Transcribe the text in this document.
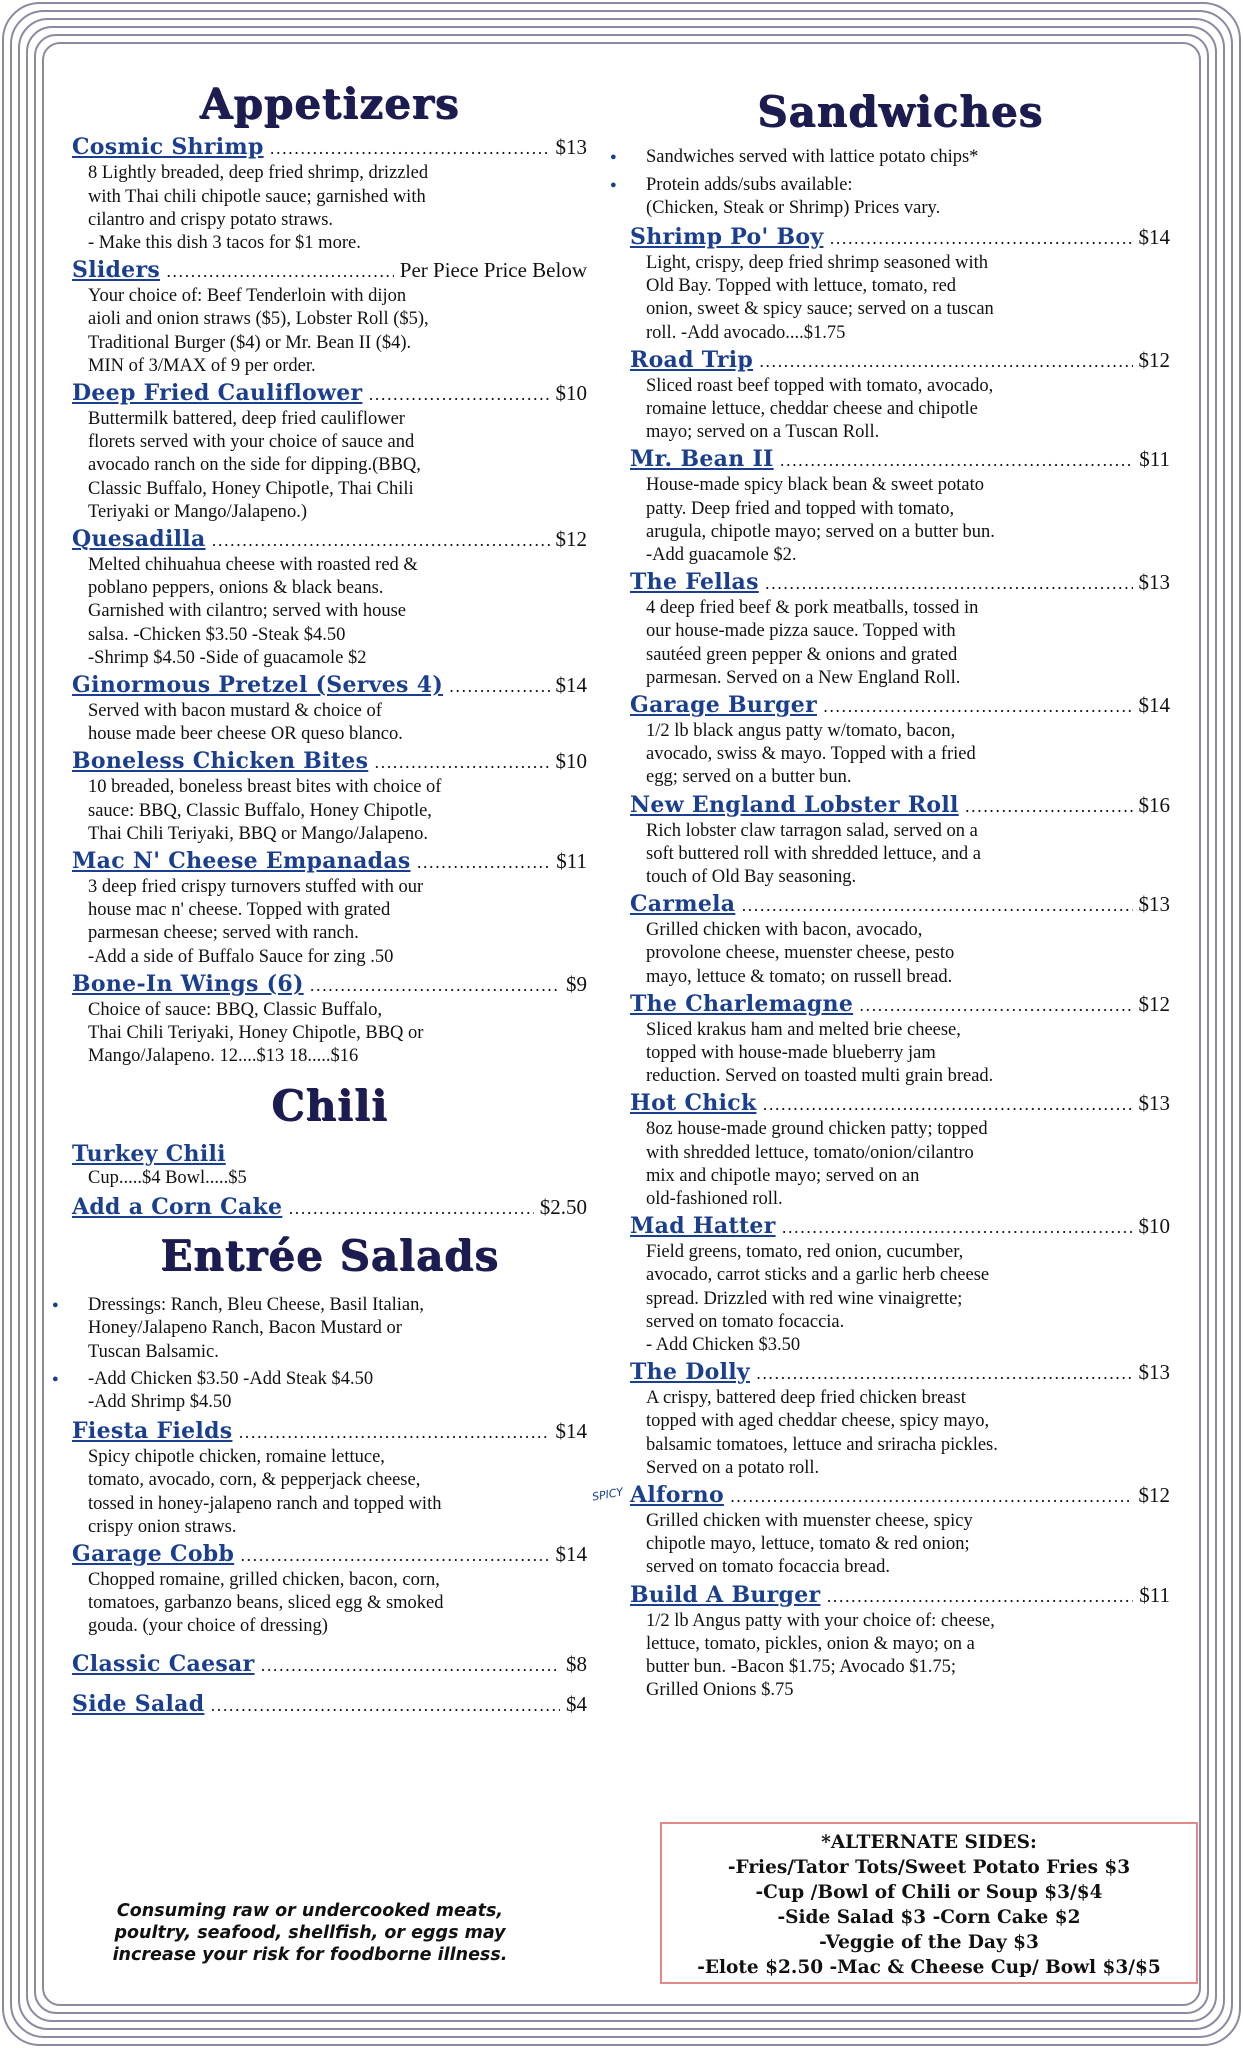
Appetizers
Cosmic Shrimp .....	$13
8 Lightly breaded, deep fried shrimp, drizzled
with Thai chili chipotle sauce; garnished with
cilantro and crispy potato straws.
- Make this dish 3 tacos for $1 more.
Sliders .....	Per Piece Price Below
Your choice of: Beef Tenderloin with dijon
aioli and onion straws ($5), Lobster Roll ($5),
Traditional Burger ($4) or Mr. Bean II ($4).
MIN of 3/MAX of 9 per order.
Deep Fried Cauliflower .....	$10
Buttermilk battered, deep fried cauliflower
florets served with your choice of sauce and
avocado ranch on the side for dipping.(BBQ,
Classic Buffalo, Honey Chipotle, Thai Chili
Teriyaki or Mango/Jalapeno.)
Quesadilla .....	$12
Melted chihuahua cheese with roasted red &
poblano peppers, onions & black beans.
Garnished with cilantro; served with house
salsa. -Chicken $3.50 -Steak $4.50
-Shrimp $4.50 -Side of guacamole $2
Ginormous Pretzel (Serves 4) .....	$14
Served with bacon mustard & choice of
house made beer cheese OR queso blanco.
Boneless Chicken Bites .....	$10
10 breaded, boneless breast bites with choice of
sauce: BBQ, Classic Buffalo, Honey Chipotle,
Thai Chili Teriyaki, BBQ or Mango/Jalapeno.
Mac N' Cheese Empanadas .....	$11
3 deep fried crispy turnovers stuffed with our
house mac n' cheese. Topped with grated
parmesan cheese; served with ranch.
-Add a side of Buffalo Sauce for zing .50
Bone-In Wings (6) .....	$9
Choice of sauce: BBQ, Classic Buffalo,
Thai Chili Teriyaki, Honey Chipotle, BBQ or
Mango/Jalapeno. 12....$13 18.....$16
Chili
Turkey Chili
Cup.....$4 Bowl.....$5
Add a Corn Cake .....	$2.50
Entrée Salads
● Dressings: Ranch, Bleu Cheese, Basil Italian,
Honey/Jalapeno Ranch, Bacon Mustard or
Tuscan Balsamic.
● -Add Chicken $3.50 -Add Steak $4.50
-Add Shrimp $4.50
Fiesta Fields .....	$14
Spicy chipotle chicken, romaine lettuce,
tomato, avocado, corn, & pepperjack cheese,
tossed in honey-jalapeno ranch and topped with
crispy onion straws.
Garage Cobb .....	$14
Chopped romaine, grilled chicken, bacon, corn,
tomatoes, garbanzo beans, sliced egg & smoked
gouda. (your choice of dressing)
Classic Caesar .....	$8
Side Salad .....	$4
Sandwiches
● Sandwiches served with lattice potato chips*
● Protein adds/subs available:
(Chicken, Steak or Shrimp) Prices vary.
Shrimp Po' Boy .....	$14
Light, crispy, deep fried shrimp seasoned with
Old Bay. Topped with lettuce, tomato, red
onion, sweet & spicy sauce; served on a tuscan
roll. -Add avocado....$1.75
Road Trip .....	$12
Sliced roast beef topped with tomato, avocado,
romaine lettuce, cheddar cheese and chipotle
mayo; served on a Tuscan Roll.
Mr. Bean II .....	$11
House-made spicy black bean & sweet potato
patty. Deep fried and topped with tomato,
arugula, chipotle mayo; served on a butter bun.
-Add guacamole $2.
The Fellas .....	$13
4 deep fried beef & pork meatballs, tossed in
our house-made pizza sauce. Topped with
sautéed green pepper & onions and grated
parmesan. Served on a New England Roll.
Garage Burger .....	$14
1/2 lb black angus patty w/tomato, bacon,
avocado, swiss & mayo. Topped with a fried
egg; served on a butter bun.
New England Lobster Roll .....	$16
Rich lobster claw tarragon salad, served on a
soft buttered roll with shredded lettuce, and a
touch of Old Bay seasoning.
Carmela .....	$13
Grilled chicken with bacon, avocado,
provolone cheese, muenster cheese, pesto
mayo, lettuce & tomato; on russell bread.
The Charlemagne .....	$12
Sliced krakus ham and melted brie cheese,
topped with house-made blueberry jam
reduction. Served on toasted multi grain bread.
Hot Chick .....	$13
8oz house-made ground chicken patty; topped
with shredded lettuce, tomato/onion/cilantro
mix and chipotle mayo; served on an
old-fashioned roll.
Mad Hatter .....	$10
Field greens, tomato, red onion, cucumber,
avocado, carrot sticks and a garlic herb cheese
spread. Drizzled with red wine vinaigrette;
served on tomato focaccia.
- Add Chicken $3.50
The Dolly .....	$13
A crispy, battered deep fried chicken breast
topped with aged cheddar cheese, spicy mayo,
balsamic tomatoes, lettuce and sriracha pickles.
Served on a potato roll.
SPICY Alforno .....	$12
Grilled chicken with muenster cheese, spicy
chipotle mayo, lettuce, tomato & red onion;
served on tomato focaccia bread.
Build A Burger .....	$11
1/2 lb Angus patty with your choice of: cheese,
lettuce, tomato, pickles, onion & mayo; on a
butter bun. -Bacon $1.75; Avocado $1.75;
Grilled Onions $.75
Consuming raw or undercooked meats,
poultry, seafood, shellfish, or eggs may
increase your risk for foodborne illness.
*ALTERNATE SIDES:
-Fries/Tator Tots/Sweet Potato Fries $3
-Cup /Bowl of Chili or Soup $3/$4
-Side Salad $3 -Corn Cake $2
-Veggie of the Day $3
-Elote $2.50 -Mac & Cheese Cup/ Bowl $3/$5
